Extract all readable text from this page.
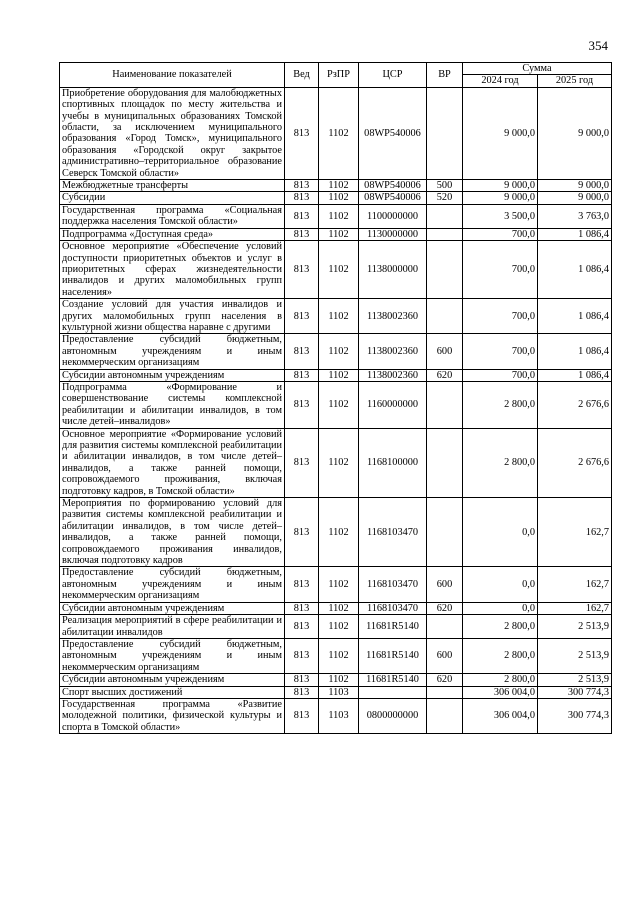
354
Наименование показателей	Вед	РзПР	ЦСР	ВР	Сумма	
					2024 год	2025 год
Приобретение оборудования для малобюджетных спортивных площадок по месту жительства и учебы в муниципальных образованиях Томской области, за исключением муниципального образования «Город Томск», муниципального образования «Городской округ закрытое административно–территориальное образование Северск Томской области»	813	1102	08WP540006		9 000,0	9 000,0
Межбюджетные трансферты	813	1102	08WP540006	500	9 000,0	9 000,0
Субсидии	813	1102	08WP540006	520	9 000,0	9 000,0
Государственная программа «Социальная поддержка населения Томской области»	813	1102	1100000000		3 500,0	3 763,0
Подпрограмма «Доступная среда»	813	1102	1130000000		700,0	1 086,4
Основное мероприятие «Обеспечение условий доступности приоритетных объектов и услуг в приоритетных сферах жизнедеятельности инвалидов и других маломобильных групп населения»	813	1102	1138000000		700,0	1 086,4
Создание условий для участия инвалидов и других маломобильных групп населения в культурной жизни общества наравне с другими	813	1102	1138002360		700,0	1 086,4
Предоставление субсидий бюджетным, автономным учреждениям и иным некоммерческим организациям	813	1102	1138002360	600	700,0	1 086,4
Субсидии автономным учреждениям	813	1102	1138002360	620	700,0	1 086,4
Подпрограмма «Формирование и совершенствование системы комплексной реабилитации и абилитации инвалидов, в том числе детей–инвалидов»	813	1102	1160000000		2 800,0	2 676,6
Основное мероприятие «Формирование условий для развития системы комплексной реабилитации и абилитации инвалидов, в том числе детей–инвалидов, а также ранней помощи, сопровождаемого проживания, включая подготовку кадров, в Томской области»	813	1102	1168100000		2 800,0	2 676,6
Мероприятия по формированию условий для развития системы комплексной реабилитации и абилитации инвалидов, в том числе детей–инвалидов, а также ранней помощи, сопровождаемого проживания инвалидов, включая подготовку кадров	813	1102	1168103470		0,0	162,7
Предоставление субсидий бюджетным, автономным учреждениям и иным некоммерческим организациям	813	1102	1168103470	600	0,0	162,7
Субсидии автономным учреждениям	813	1102	1168103470	620	0,0	162,7
Реализация мероприятий в сфере реабилитации и абилитации инвалидов	813	1102	11681R5140		2 800,0	2 513,9
Предоставление субсидий бюджетным, автономным учреждениям и иным некоммерческим организациям	813	1102	11681R5140	600	2 800,0	2 513,9
Субсидии автономным учреждениям	813	1102	11681R5140	620	2 800,0	2 513,9
Спорт высших достижений	813	1103			306 004,0	300 774,3
Государственная программа «Развитие молодежной политики, физической культуры и спорта в Томской области»	813	1103	0800000000		306 004,0	300 774,3
